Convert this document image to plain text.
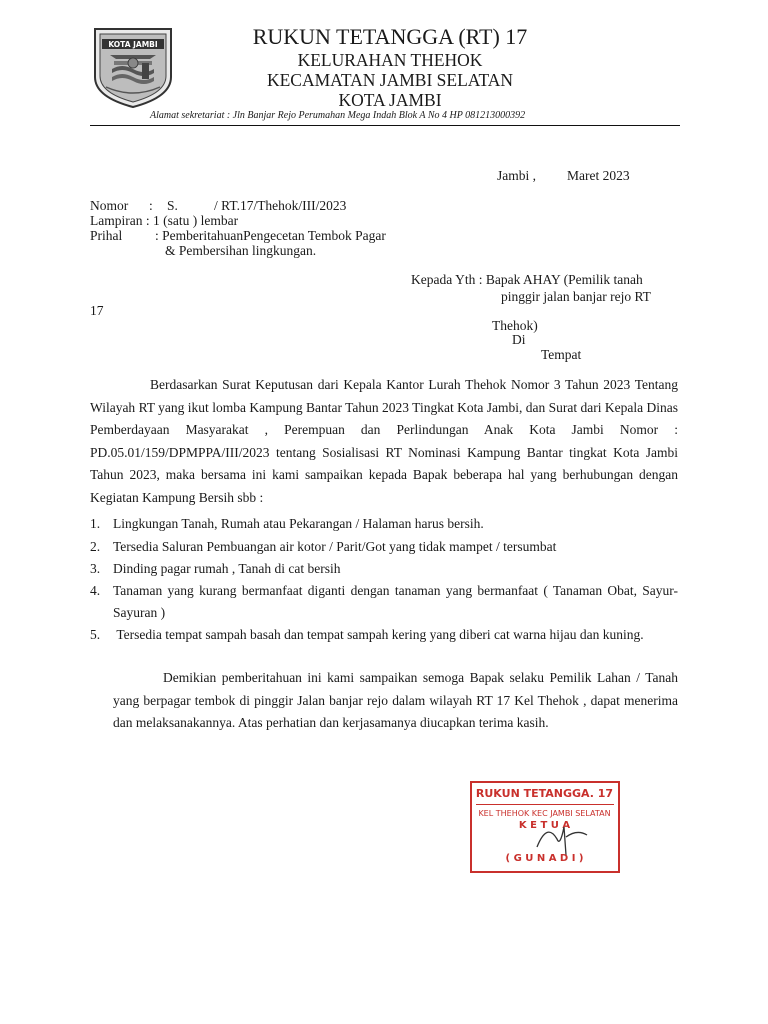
KOTA JAMBI	RUKUN TETANGGA (RT) 17
KELURAHAN THEHOK
KECAMATAN JAMBI SELATAN
KOTA JAMBI
Alamat sekretariat : Jln Banjar Rejo Perumahan Mega Indah Blok A No 4 HP 081213000392
Jambi , Maret 2023
Nomor : S.	/ RT.17/Thehok/III/2023
Lampiran : 1 (satu ) lembar
Prihal : PemberitahuanPengecetan Tembok Pagar
& Pembersihan lingkungan.
Kepada Yth : Bapak AHAY (Pemilik tanah
pinggir jalan banjar rejo RT
17
Thehok)
Di
Tempat
Berdasarkan Surat Keputusan dari Kepala Kantor Lurah Thehok Nomor 3 Tahun 2023 Tentang Wilayah RT yang ikut lomba Kampung Bantar Tahun 2023 Tingkat Kota Jambi, dan Surat dari Kepala Dinas Pemberdayaan Masyarakat , Perempuan dan Perlindungan Anak Kota Jambi Nomor : PD.05.01/159/DPMPPA/III/2023 tentang Sosialisasi RT Nominasi Kampung Bantar tingkat Kota Jambi Tahun 2023, maka bersama ini kami sampaikan kepada Bapak beberapa hal yang berhubungan dengan Kegiatan Kampung Bersih sbb :
1. Lingkungan Tanah, Rumah atau Pekarangan / Halaman harus bersih.
2. Tersedia Saluran Pembuangan air kotor / Parit/Got yang tidak mampet / tersumbat
3. Dinding pagar rumah , Tanah di cat bersih
4. Tanaman yang kurang bermanfaat diganti dengan tanaman yang bermanfaat ( Tanaman Obat, Sayur-Sayuran )
5. Tersedia tempat sampah basah dan tempat sampah kering yang diberi cat warna hijau dan kuning.
Demikian pemberitahuan ini kami sampaikan semoga Bapak selaku Pemilik Lahan / Tanah yang berpagar tembok di pinggir Jalan banjar rejo dalam wilayah RT 17 Kel Thehok , dapat menerima dan melaksanakannya. Atas perhatian dan kerjasamanya diucapkan terima kasih.
RUKUN TETANGGA. 17
KEL THEHOK KEC JAMBI SELATAN
K E T U A
( G U N A D I )
